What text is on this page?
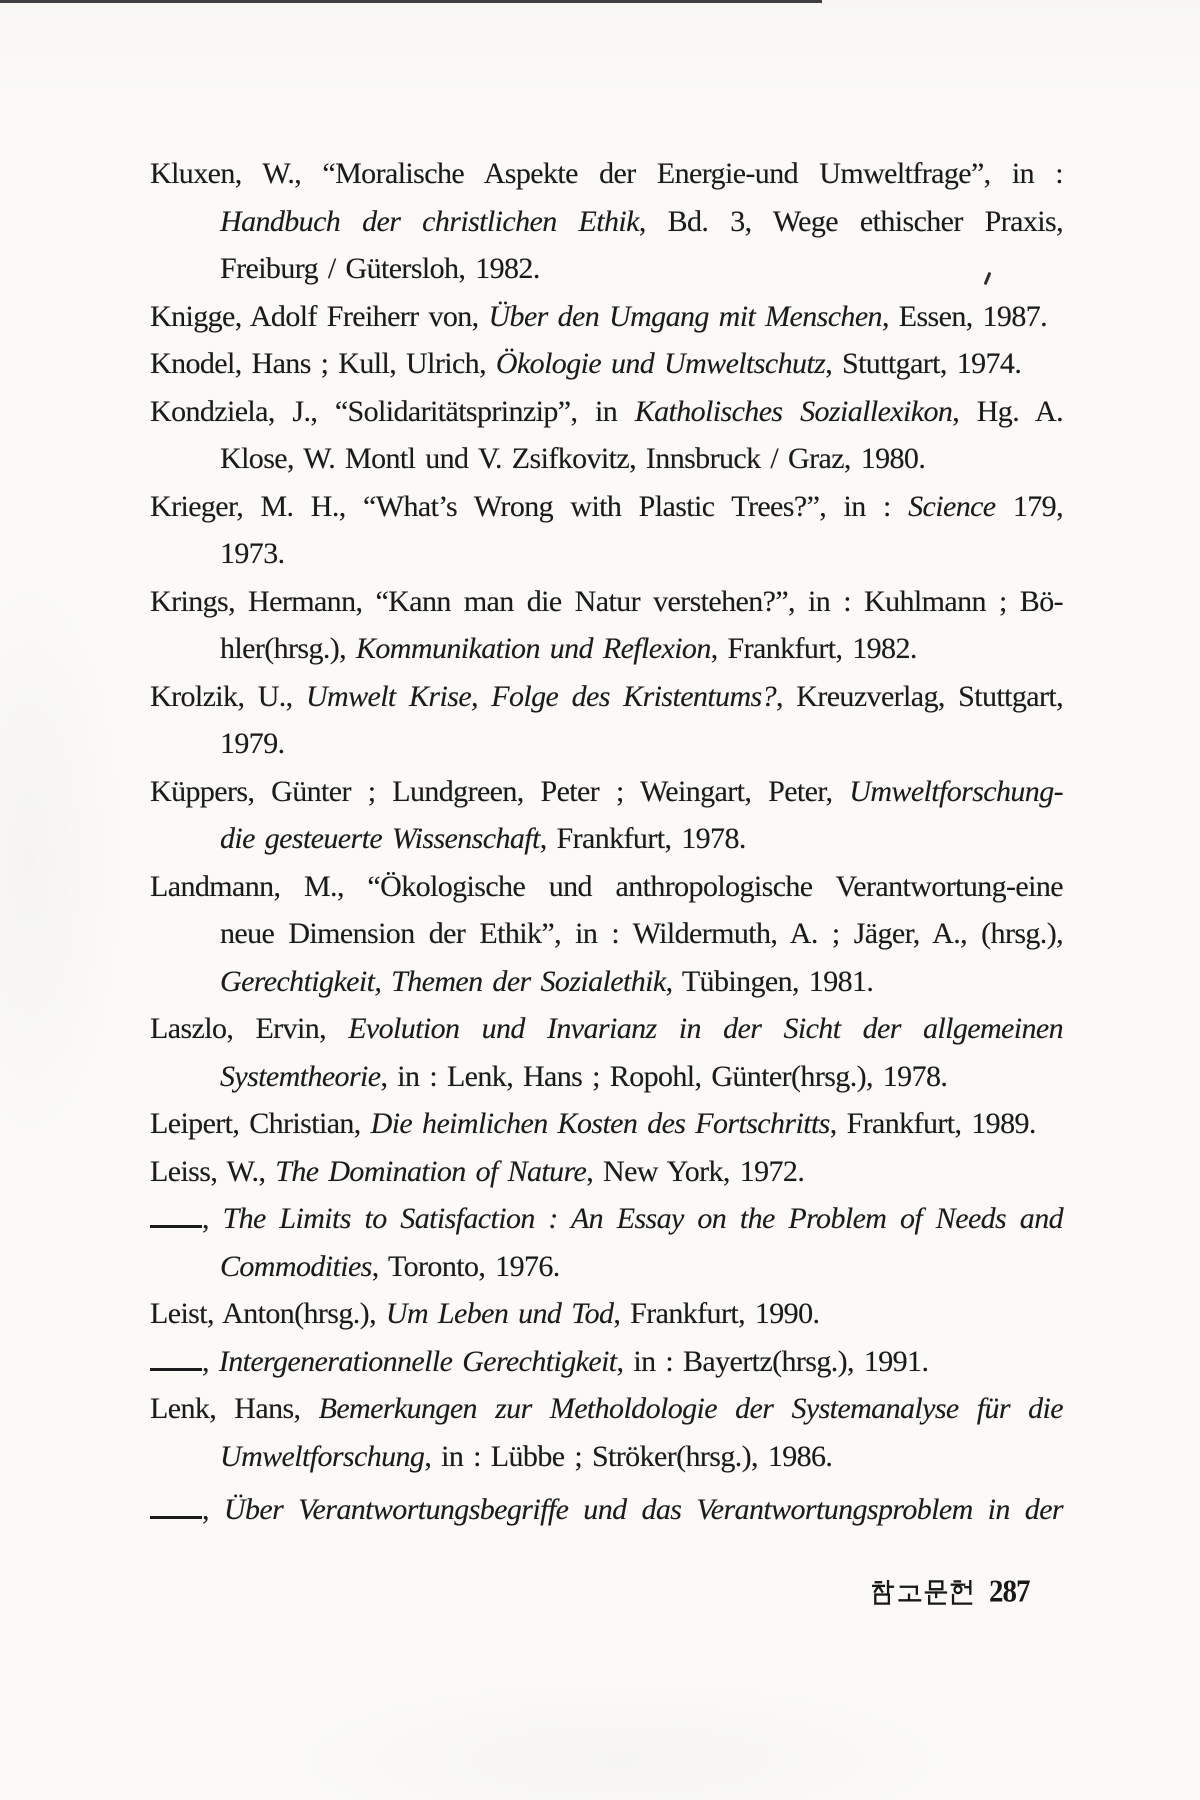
Kluxen, W., “Moralische Aspekte der Energie-und Umweltfrage”, in :
Handbuch der christlichen Ethik, Bd. 3, Wege ethischer Praxis,
Freiburg / Gütersloh, 1982.
Knigge, Adolf Freiherr von, Über den Umgang mit Menschen, Essen, 1987.
Knodel, Hans ; Kull, Ulrich, Ökologie und Umweltschutz, Stuttgart, 1974.
Kondziela, J., “Solidaritätsprinzip”, in Katholisches Soziallexikon, Hg. A.
Klose, W. Montl und V. Zsifkovitz, Innsbruck / Graz, 1980.
Krieger, M. H., “What’s Wrong with Plastic Trees?”, in : Science 179,
1973.
Krings, Hermann, “Kann man die Natur verstehen?”, in : Kuhlmann ; Bö-
hler(hrsg.), Kommunikation und Reflexion, Frankfurt, 1982.
Krolzik, U., Umwelt Krise, Folge des Kristentums?, Kreuzverlag, Stuttgart,
1979.
Küppers, Günter ; Lundgreen, Peter ; Weingart, Peter, Umweltforschung-
die gesteuerte Wissenschaft, Frankfurt, 1978.
Landmann, M., “Ökologische und anthropologische Verantwortung-eine
neue Dimension der Ethik”, in : Wildermuth, A. ; Jäger, A., (hrsg.),
Gerechtigkeit, Themen der Sozialethik, Tübingen, 1981.
Laszlo, Ervin, Evolution und Invarianz in der Sicht der allgemeinen
Systemtheorie, in : Lenk, Hans ; Ropohl, Günter(hrsg.), 1978.
Leipert, Christian, Die heimlichen Kosten des Fortschritts, Frankfurt, 1989.
Leiss, W., The Domination of Nature, New York, 1972.
, The Limits to Satisfaction : An Essay on the Problem of Needs and
Commodities, Toronto, 1976.
Leist, Anton(hrsg.), Um Leben und Tod, Frankfurt, 1990.
, Intergenerationnelle Gerechtigkeit, in : Bayertz(hrsg.), 1991.
Lenk, Hans, Bemerkungen zur Metholdologie der Systemanalyse für die
Umweltforschung, in : Lübbe ; Ströker(hrsg.), 1986.
, Über Verantwortungsbegriffe und das Verantwortungsproblem in der
287
